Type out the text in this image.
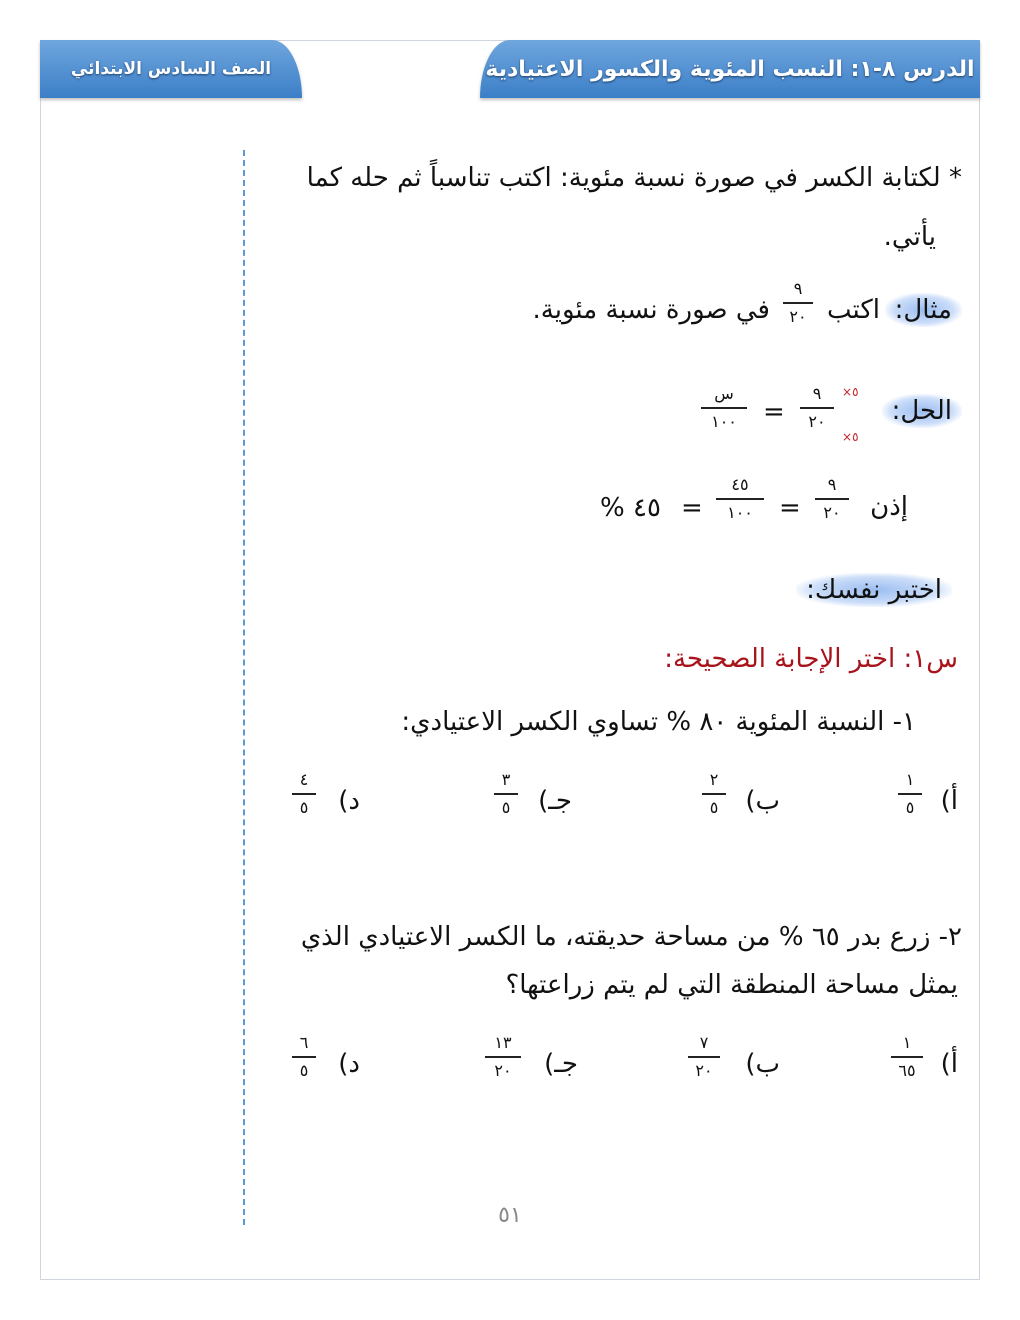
الدرس ٨-١: النسب المئوية والكسور الاعتيادية
الصف السادس الابتدائي
* لكتابة الكسر في صورة نسبة مئوية: اكتب تناسباً ثم حله كما
يأتي.
مثال:
اكتب
٩
٢٠
في صورة نسبة مئوية.
الحل:
×٥
×٥
٩
٢٠
=
س
١٠٠
إذن
٩
٢٠
=
٤٥
١٠٠
=
٤٥ %
اختبر نفسك:
س١: اختر الإجابة الصحيحة:
١- النسبة المئوية ٨٠ % تساوي الكسر الاعتيادي:
أ)
١
٥
ب)
٢
٥
جـ)
٣
٥
د)
٤
٥
٢- زرع بدر ٦٥ % من مساحة حديقته، ما الكسر الاعتيادي الذي
يمثل مساحة المنطقة التي لم يتم زراعتها؟
أ)
١
٦٥
ب)
٧
٢٠
جـ)
١٣
٢٠
د)
٦
٥
٥١
